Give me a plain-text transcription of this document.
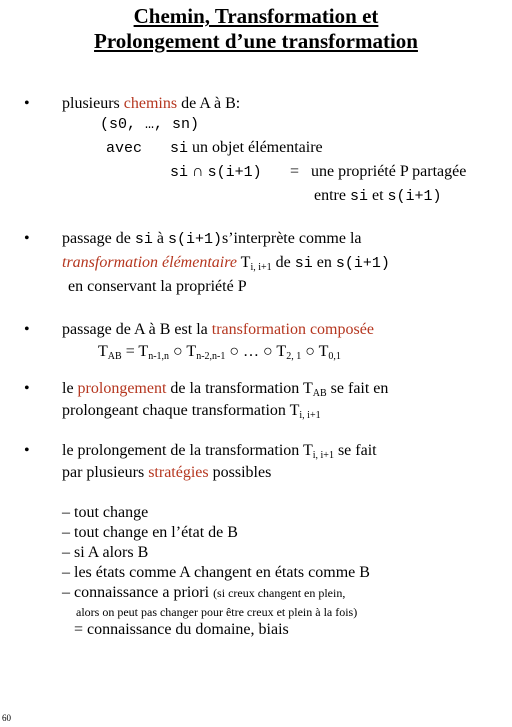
Chemin, Transformation et
Prolongement d’une transformation
• plusieurs chemins de A à B:
(s0, …, sn)
avec si un objet élémentaire
si ∩ s(i+1) = une propriété P partagée
entre si et s(i+1)
• passage de si à s(i+1)s’interprète comme la
transformation élémentaire $T_{i, i+1}$ de si en s(i+1)
en conservant la propriété P
• passage de A à B est la transformation composée
$T_{AB} = T_{n-1,n}$ ○ $T_{n-2,n-1}$ ○ … ○ $T_{2, 1}$ ○ $T_{0,1}$
• le prolongement de la transformation $T_{AB}$ se fait en
prolongeant chaque transformation $T_{i, i+1}$
• le prolongement de la transformation $T_{i, i+1}$ se fait
par plusieurs stratégies possibles
– tout change
– tout change en l’état de B
– si A alors B
– les états comme A changent en états comme B
– connaissance a priori (si creux changent en plein,
alors on peut pas changer pour être creux et plein à la fois)
= connaissance du domaine, biais
60
